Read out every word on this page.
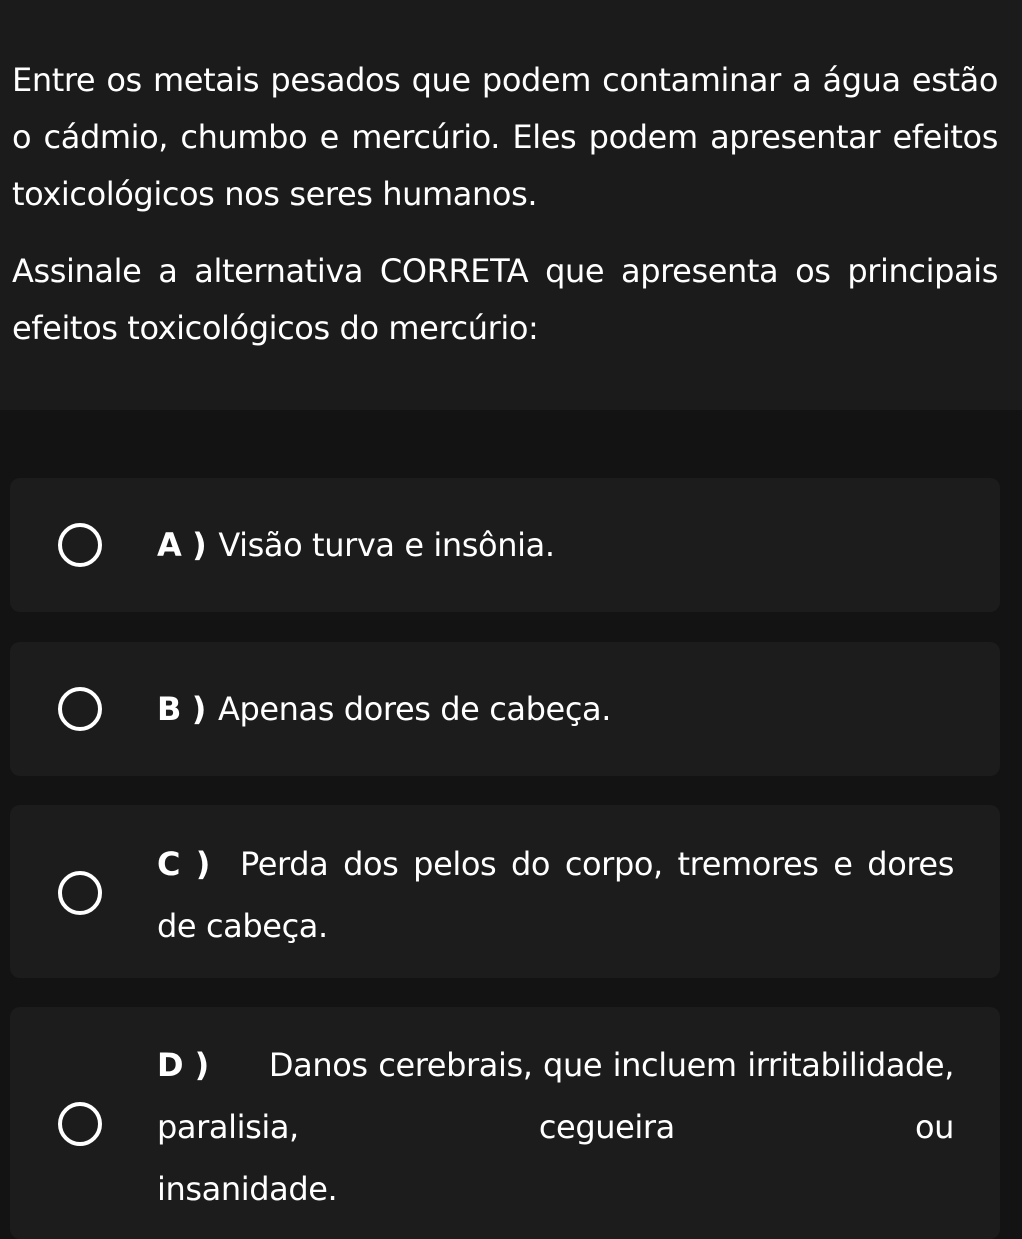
Entre os metais pesados que podem contaminar a água estão o cádmio, chumbo e mercúrio. Eles podem apresentar efeitos toxicológicos nos seres humanos.

Assinale a alternativa CORRETA que apresenta os principais efeitos toxicológicos do mercúrio:

A ) Visão turva e insônia.
B ) Apenas dores de cabeça.
C ) Perda dos pelos do corpo, tremores e dores de cabeça.
D ) Danos cerebrais, que incluem irritabilidade, paralisia, cegueira ou
insanidade.
